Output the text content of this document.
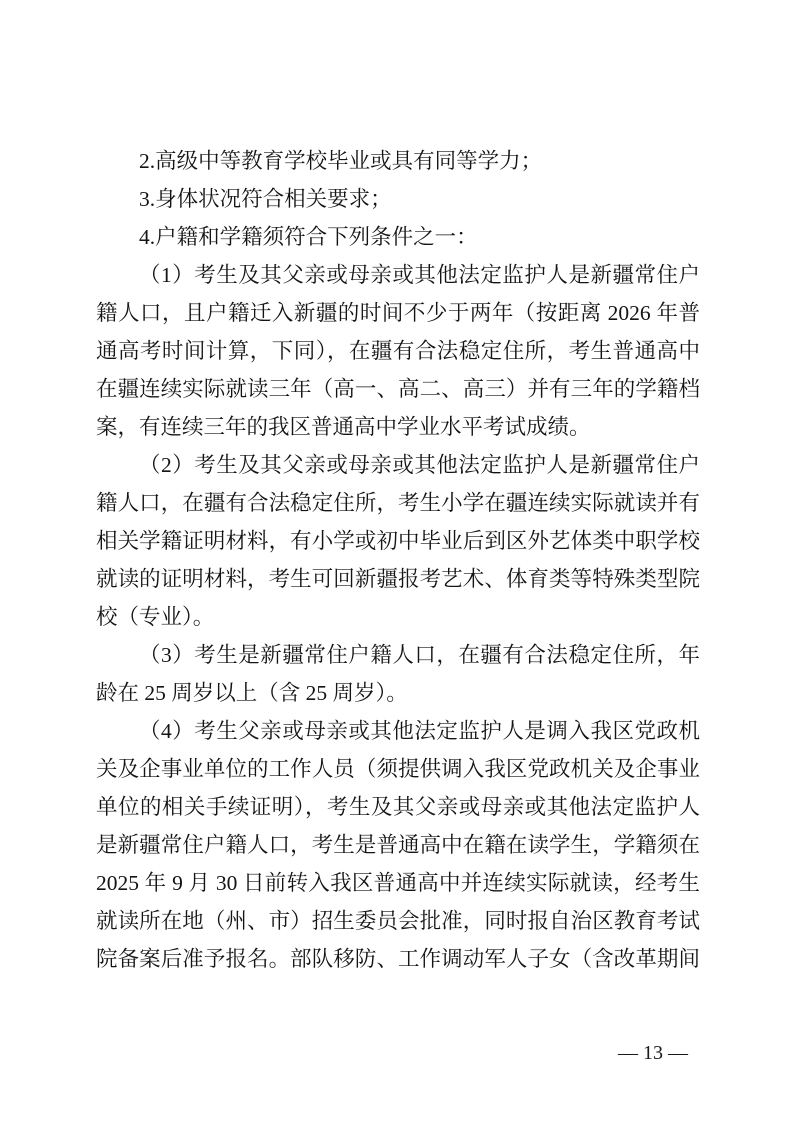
2.高级中等教育学校毕业或具有同等学力；
3.身体状况符合相关要求；
4.户籍和学籍须符合下列条件之一：
（1）考生及其父亲或母亲或其他法定监护人是新疆常住户
籍人口，且户籍迁入新疆的时间不少于两年（按距离 2026 年普
通高考时间计算，下同），在疆有合法稳定住所，考生普通高中
在疆连续实际就读三年（高一、高二、高三）并有三年的学籍档
案，有连续三年的我区普通高中学业水平考试成绩。
（2）考生及其父亲或母亲或其他法定监护人是新疆常住户
籍人口，在疆有合法稳定住所，考生小学在疆连续实际就读并有
相关学籍证明材料，有小学或初中毕业后到区外艺体类中职学校
就读的证明材料，考生可回新疆报考艺术、体育类等特殊类型院
校（专业）。
（3）考生是新疆常住户籍人口，在疆有合法稳定住所，年
龄在 25 周岁以上（含 25 周岁）。
（4）考生父亲或母亲或其他法定监护人是调入我区党政机
关及企事业单位的工作人员（须提供调入我区党政机关及企事业
单位的相关手续证明），考生及其父亲或母亲或其他法定监护人
是新疆常住户籍人口，考生是普通高中在籍在读学生，学籍须在
2025 年 9 月 30 日前转入我区普通高中并连续实际就读，经考生
就读所在地（州、市）招生委员会批准，同时报自治区教育考试
院备案后准予报名。部队移防、工作调动军人子女（含改革期间
— 13 —
